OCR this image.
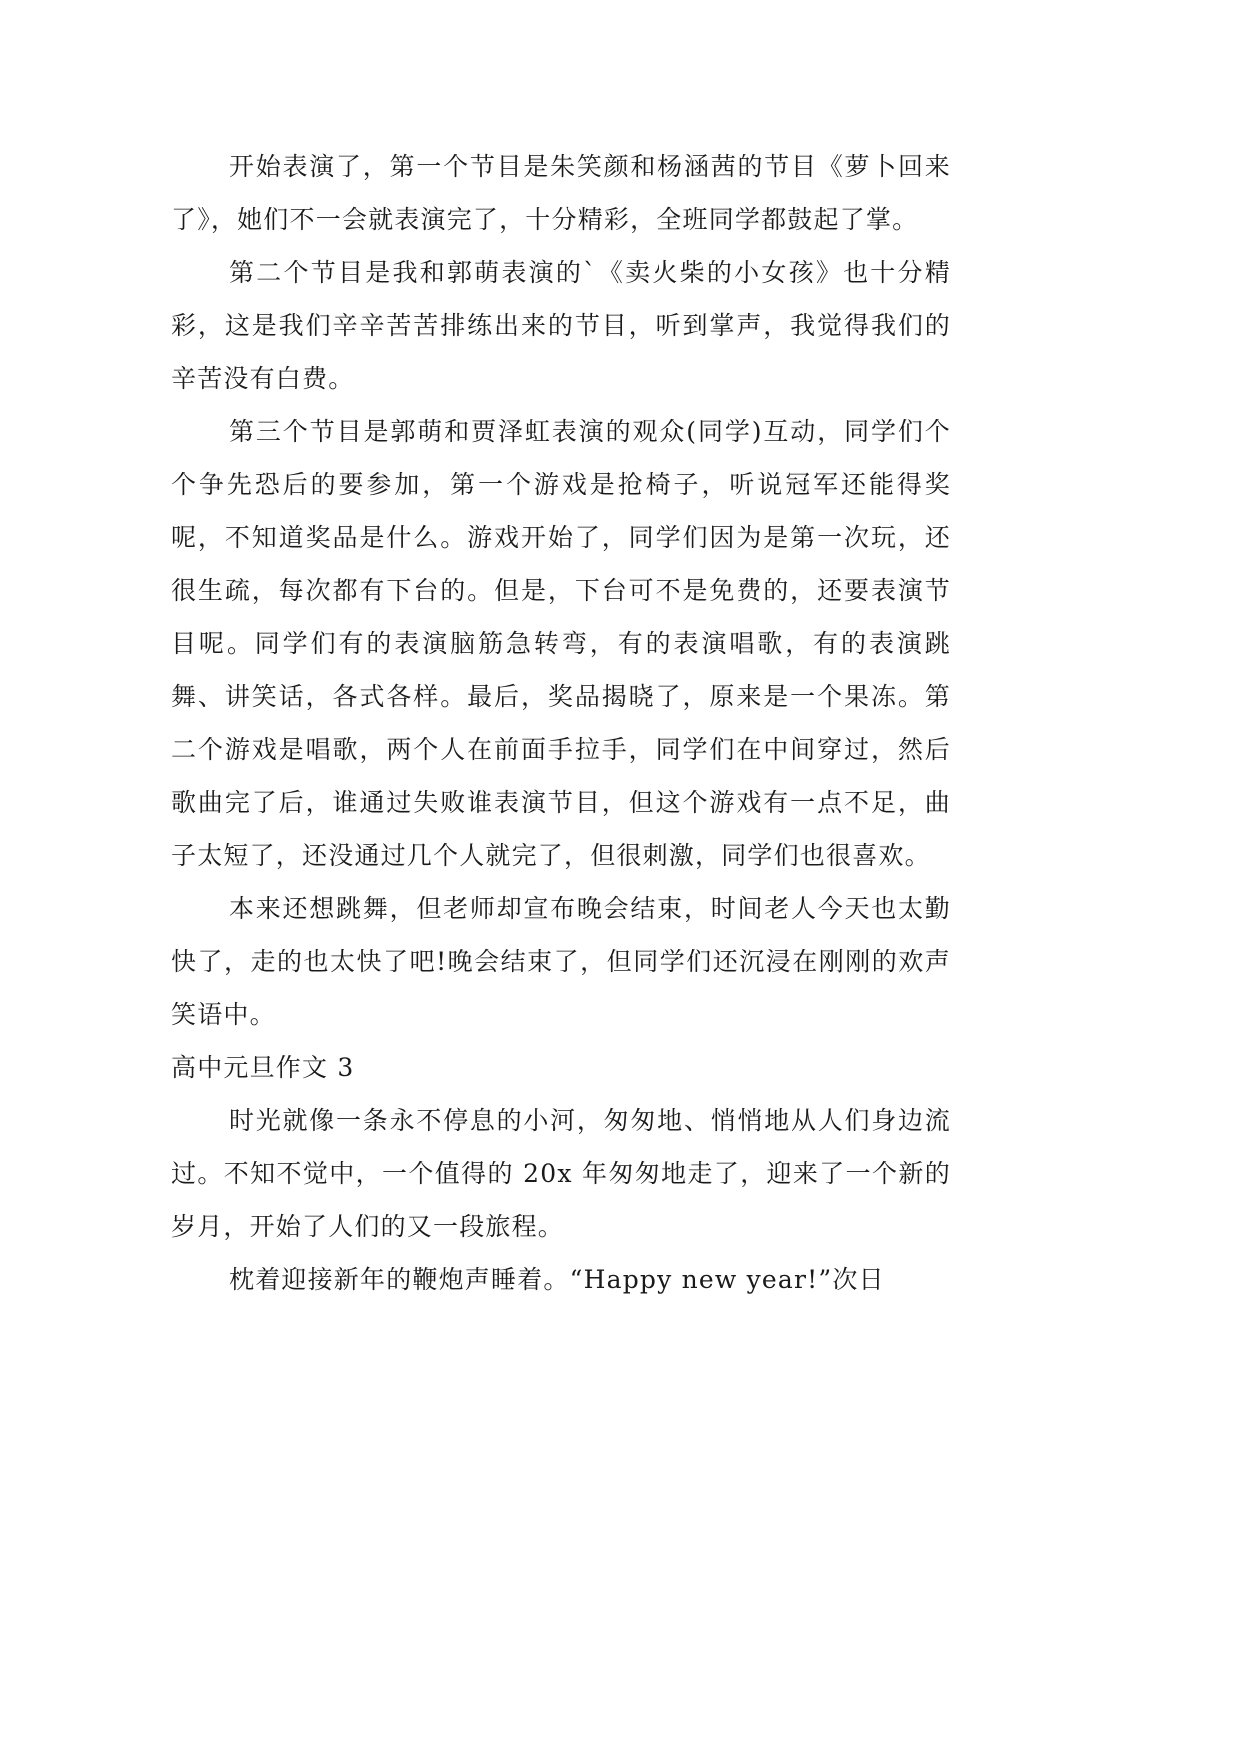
开始表演了，第一个节目是朱笑颜和杨涵茜的节目《萝卜回来了》，她们不一会就表演完了，十分精彩，全班同学都鼓起了掌。

第二个节目是我和郭萌表演的`《卖火柴的小女孩》也十分精彩，这是我们辛辛苦苦排练出来的节目，听到掌声，我觉得我们的辛苦没有白费。

第三个节目是郭萌和贾泽虹表演的观众(同学)互动，同学们个个争先恐后的要参加，第一个游戏是抢椅子，听说冠军还能得奖呢，不知道奖品是什么。游戏开始了，同学们因为是第一次玩，还很生疏，每次都有下台的。但是，下台可不是免费的，还要表演节目呢。同学们有的表演脑筋急转弯，有的表演唱歌，有的表演跳舞、讲笑话，各式各样。最后，奖品揭晓了，原来是一个果冻。第二个游戏是唱歌，两个人在前面手拉手，同学们在中间穿过，然后歌曲完了后，谁通过失败谁表演节目，但这个游戏有一点不足，曲子太短了，还没通过几个人就完了，但很刺激，同学们也很喜欢。

本来还想跳舞，但老师却宣布晚会结束，时间老人今天也太勤快了，走的也太快了吧!晚会结束了，但同学们还沉浸在刚刚的欢声笑语中。

高中元旦作文 3

时光就像一条永不停息的小河，匆匆地、悄悄地从人们身边流过。不知不觉中，一个值得的 20x 年匆匆地走了，迎来了一个新的岁月，开始了人们的又一段旅程。

枕着迎接新年的鞭炮声睡着。“Happy new year!”次日
